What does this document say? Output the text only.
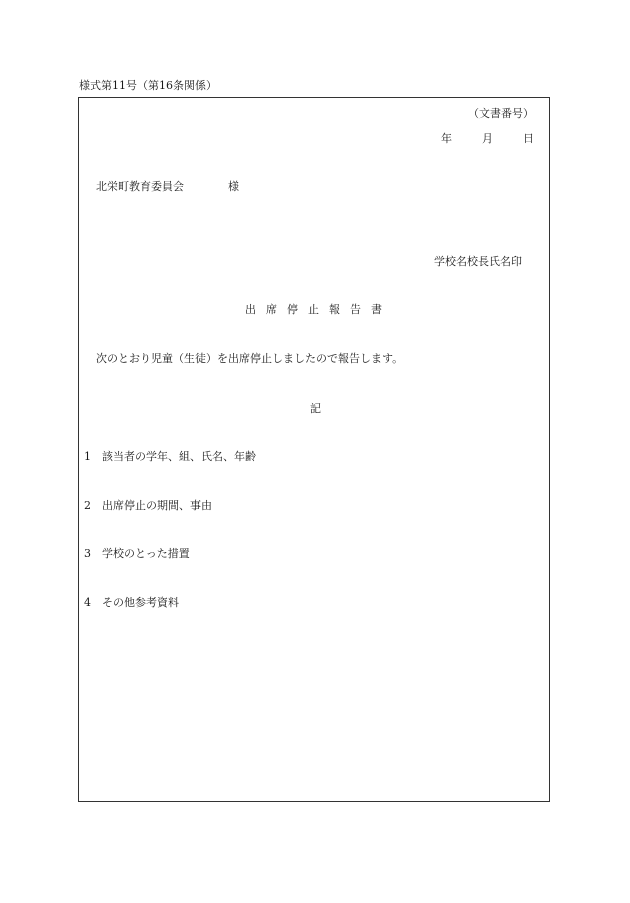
様式第11号（第16条関係）
（文書番号）
年	月	日
北栄町教育委員会	様
学校名校長氏名印
出席停止報告書
次のとおり児童（生徒）を出席停止しましたので報告します。
記
1 該当者の学年、組、氏名、年齢
2 出席停止の期間、事由
3 学校のとった措置
4 その他参考資料
